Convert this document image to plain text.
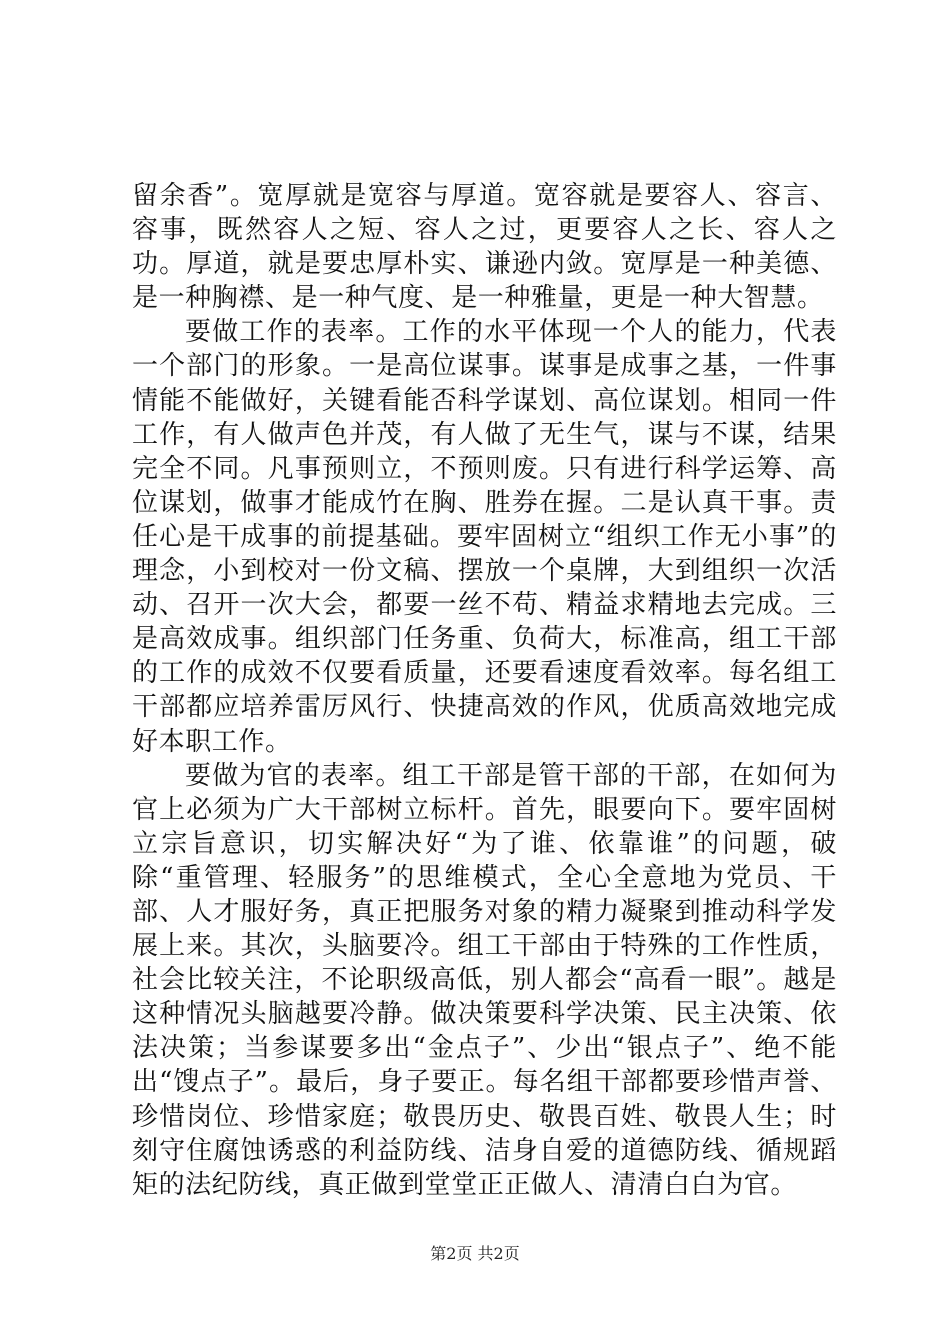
留余香”。宽厚就是宽容与厚道。宽容就是要容人、容言、容事，既然容人之短、容人之过，更要容人之长、容人之功。厚道，就是要忠厚朴实、谦逊内敛。宽厚是一种美德、是一种胸襟、是一种气度、是一种雅量，更是一种大智慧。

要做工作的表率。工作的水平体现一个人的能力，代表一个部门的形象。一是高位谋事。谋事是成事之基，一件事情能不能做好，关键看能否科学谋划、高位谋划。相同一件工作，有人做声色并茂，有人做了无生气，谋与不谋，结果完全不同。凡事预则立，不预则废。只有进行科学运筹、高位谋划，做事才能成竹在胸、胜券在握。二是认真干事。责任心是干成事的前提基础。要牢固树立“组织工作无小事”的理念，小到校对一份文稿、摆放一个桌牌，大到组织一次活动、召开一次大会，都要一丝不苟、精益求精地去完成。三是高效成事。组织部门任务重、负荷大，标准高，组工干部的工作的成效不仅要看质量，还要看速度看效率。每名组工干部都应培养雷厉风行、快捷高效的作风，优质高效地完成好本职工作。

要做为官的表率。组工干部是管干部的干部，在如何为官上必须为广大干部树立标杆。首先，眼要向下。要牢固树立宗旨意识，切实解决好“为了谁、依靠谁”的问题，破除“重管理、轻服务”的思维模式，全心全意地为党员、干部、人才服好务，真正把服务对象的精力凝聚到推动科学发展上来。其次，头脑要冷。组工干部由于特殊的工作性质，社会比较关注，不论职级高低，别人都会“高看一眼”。越是这种情况头脑越要冷静。做决策要科学决策、民主决策、依法决策；当参谋要多出“金点子”、少出“银点子”、绝不能出“馊点子”。最后，身子要正。每名组干部都要珍惜声誉、珍惜岗位、珍惜家庭；敬畏历史、敬畏百姓、敬畏人生；时刻守住腐蚀诱惑的利益防线、洁身自爱的道德防线、循规蹈矩的法纪防线，真正做到堂堂正正做人、清清白白为官。

第2页 共2页
